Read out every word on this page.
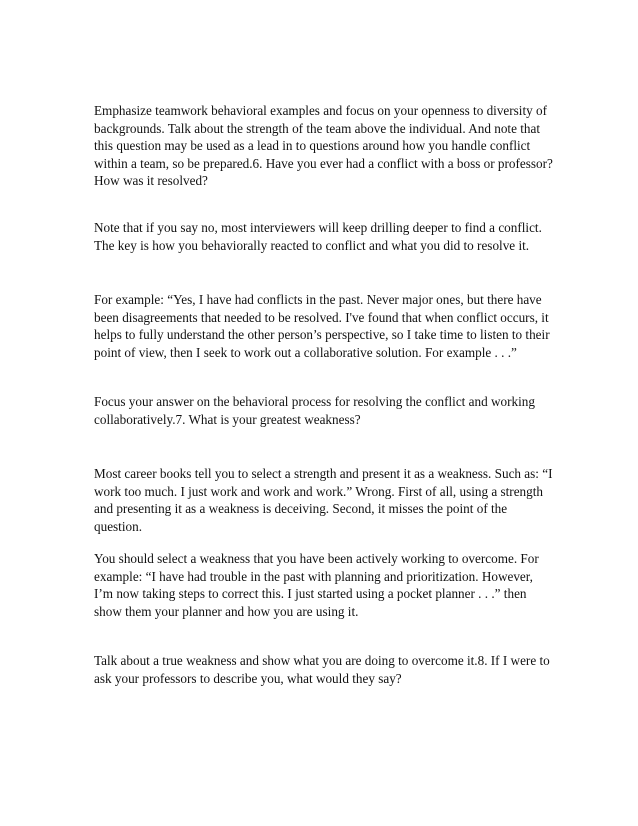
Emphasize teamwork behavioral examples and focus on your openness to diversity of backgrounds. Talk about the strength of the team above the individual. And note that this question may be used as a lead in to questions around how you handle conflict within a team, so be prepared.6. Have you ever had a conflict with a boss or professor? How was it resolved?

Note that if you say no, most interviewers will keep drilling deeper to find a conflict. The key is how you behaviorally reacted to conflict and what you did to resolve it.

For example: “Yes, I have had conflicts in the past. Never major ones, but there have been disagreements that needed to be resolved. I've found that when conflict occurs, it helps to fully understand the other person’s perspective, so I take time to listen to their point of view, then I seek to work out a collaborative solution. For example . . .”

Focus your answer on the behavioral process for resolving the conflict and working collaboratively.7. What is your greatest weakness?

Most career books tell you to select a strength and present it as a weakness. Such as: “I work too much. I just work and work and work.” Wrong. First of all, using a strength and presenting it as a weakness is deceiving. Second, it misses the point of the question.

You should select a weakness that you have been actively working to overcome. For example: “I have had trouble in the past with planning and prioritization. However, I’m now taking steps to correct this. I just started using a pocket planner . . .” then show them your planner and how you are using it.

Talk about a true weakness and show what you are doing to overcome it.8. If I were to ask your professors to describe you, what would they say?
